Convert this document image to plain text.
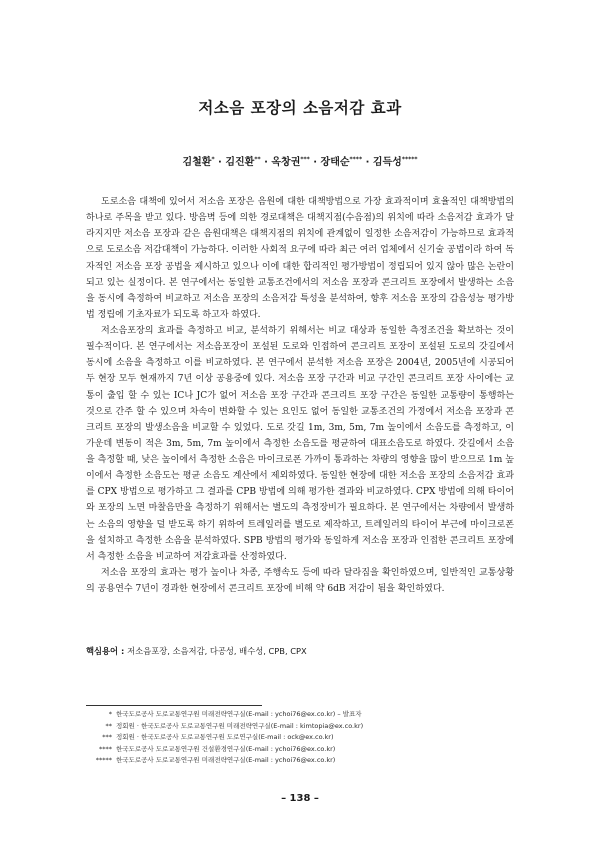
저소음 포장의 소음저감 효과
김철환* · 김진환** · 옥창권*** · 장태순**** · 김득성*****

도로소음 대책에 있어서 저소음 포장은 음원에 대한 대책방법으로 가장 효과적이며 효율적인 대책방법의 하나로 주목을 받고 있다. 방음벽 등에 의한 경로대책은 대책지점(수음점)의 위치에 따라 소음저감 효과가 달라지지만 저소음 포장과 같은 음원대책은 대책지점의 위치에 관계없이 일정한 소음저감이 가능하므로 효과적으로 도로소음 저감대책이 가능하다. 이러한 사회적 요구에 따라 최근 여러 업체에서 신기술 공법이라 하여 독자적인 저소음 포장 공법을 제시하고 있으나 이에 대한 합리적인 평가방법이 정립되어 있지 않아 많은 논란이 되고 있는 실정이다. 본 연구에서는 동일한 교통조건에서의 저소음 포장과 콘크리트 포장에서 발생하는 소음을 동시에 측정하여 비교하고 저소음 포장의 소음저감 특성을 분석하여, 향후 저소음 포장의 감음성능 평가방법 정립에 기초자료가 되도록 하고자 하였다.

저소음포장의 효과를 측정하고 비교, 분석하기 위해서는 비교 대상과 동일한 측정조건을 확보하는 것이 필수적이다. 본 연구에서는 저소음포장이 포설된 도로와 인접하여 콘크리트 포장이 포설된 도로의 갓길에서 동시에 소음을 측정하고 이를 비교하였다. 본 연구에서 분석한 저소음 포장은 2004년, 2005년에 시공되어 두 현장 모두 현재까지 7년 이상 공용중에 있다. 저소음 포장 구간과 비교 구간인 콘크리트 포장 사이에는 교통이 출입 할 수 있는 IC나 JC가 없어 저소음 포장 구간과 콘크리트 포장 구간은 동일한 교통량이 통행하는 것으로 간주 할 수 있으며 차속이 변화할 수 있는 요인도 없어 동일한 교통조건의 가정에서 저소음 포장과 콘크리트 포장의 발생소음을 비교할 수 있었다. 도로 갓길 1m, 3m, 5m, 7m 높이에서 소음도를 측정하고, 이 가운데 변동이 적은 3m, 5m, 7m 높이에서 측정한 소음도를 평균하여 대표소음도로 하였다. 갓길에서 소음을 측정할 때, 낮은 높이에서 측정한 소음은 마이크로폰 가까이 통과하는 차량의 영향을 많이 받으므로 1m 높이에서 측정한 소음도는 평균 소음도 계산에서 제외하였다. 동일한 현장에 대한 저소음 포장의 소음저감 효과를 CPX 방법으로 평가하고 그 결과를 CPB 방법에 의해 평가한 결과와 비교하였다. CPX 방법에 의해 타이어와 포장의 노면 마찰음만을 측정하기 위해서는 별도의 측정장비가 필요하다. 본 연구에서는 차량에서 발생하는 소음의 영향을 덜 받도록 하기 위하여 트레일러를 별도로 제작하고, 트레일러의 타이어 부근에 마이크로폰을 설치하고 측정한 소음을 분석하였다. SPB 방법의 평가와 동일하게 저소음 포장과 인접한 콘크리트 포장에서 측정한 소음을 비교하여 저감효과를 산정하였다.

저소음 포장의 효과는 평가 높이나 차종, 주행속도 등에 따라 달라짐을 확인하였으며, 일반적인 교통상황의 공용연수 7년이 경과한 현장에서 콘크리트 포장에 비해 약 6dB 저감이 됨을 확인하였다.

핵심용어 : 저소음포장, 소음저감, 다공성, 배수성, CPB, CPX
* 한국도로공사 도로교통연구원 미래전략연구실(E-mail : ychoi76@ex.co.kr) – 발표자
** 정회원 · 한국도로공사 도로교통연구원 미래전략연구실(E-mail : kimtopia@ex.co.kr)
*** 정회원 · 한국도로공사 도로교통연구원 도로연구실(E-mail : ock@ex.co.kr)
**** 한국도로공사 도로교통연구원 건설환경연구실(E-mail : ychoi76@ex.co.kr)
***** 한국도로공사 도로교통연구원 미래전략연구실(E-mail : ychoi76@ex.co.kr)
– 138 –
